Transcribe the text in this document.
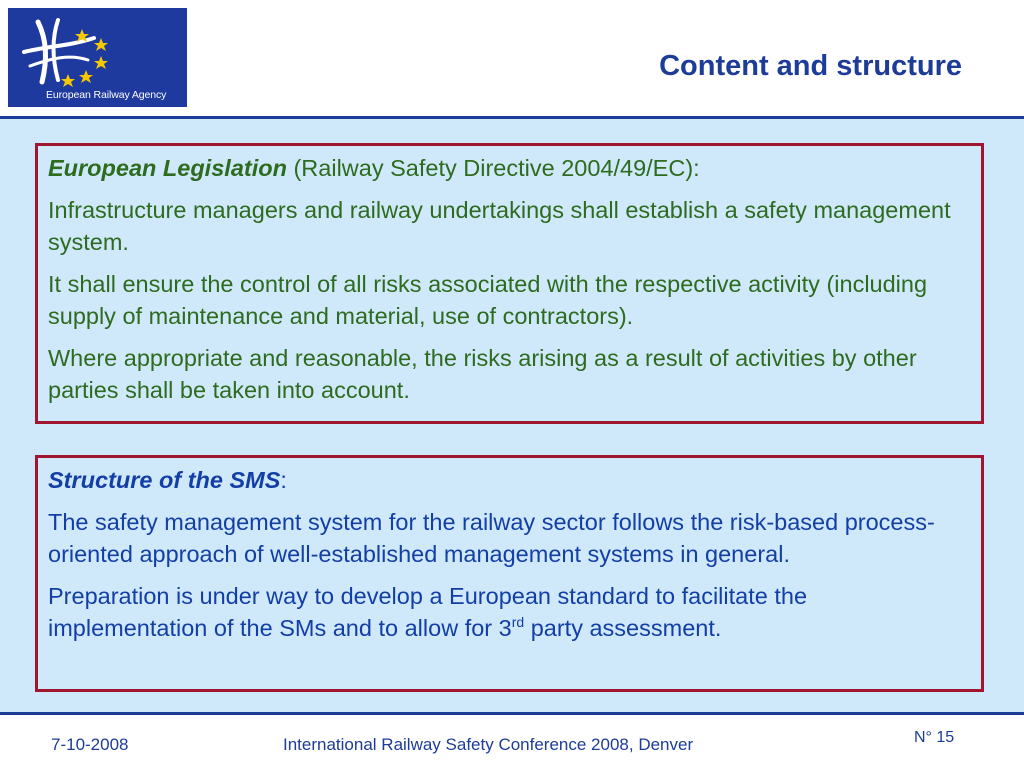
European Railway Agency
Content and structure

European Legislation (Railway Safety Directive 2004/49/EC):

Infrastructure managers and railway undertakings shall establish a safety management system.

It shall ensure the control of all risks associated with the respective activity (including supply of maintenance and material, use of contractors).

Where appropriate and reasonable, the risks arising as a result of activities by other parties shall be taken into account.

Structure of the SMS:

The safety management system for the railway sector follows the risk-based process-oriented approach of well-established management systems in general.

Preparation is under way to develop a European standard to facilitate the implementation of the SMs and to allow for 3rd party assessment.

7-10-2008	International Railway Safety Conference 2008, Denver	N° 15
